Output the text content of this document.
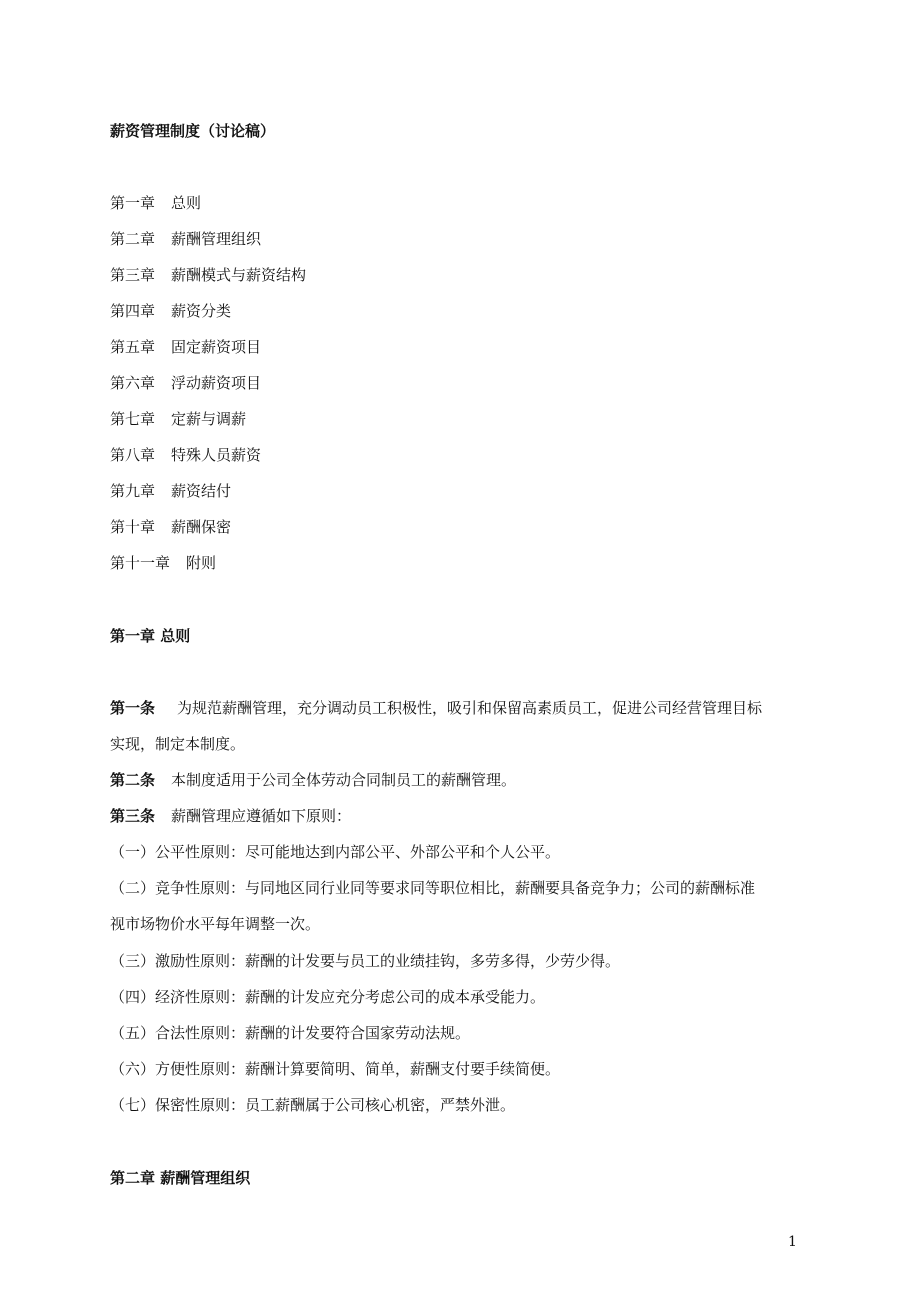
薪资管理制度（讨论稿）
第一章 总则
第二章 薪酬管理组织
第三章 薪酬模式与薪资结构
第四章 薪资分类
第五章 固定薪资项目
第六章 浮动薪资项目
第七章 定薪与调薪
第八章 特殊人员薪资
第九章 薪资结付
第十章 薪酬保密
第十一章 附则
第一章 总则
第一条 为规范薪酬管理，充分调动员工积极性，吸引和保留高素质员工，促进公司经营管理目标
实现，制定本制度。
第二条 本制度适用于公司全体劳动合同制员工的薪酬管理。
第三条 薪酬管理应遵循如下原则：
（一）公平性原则：尽可能地达到内部公平、外部公平和个人公平。
（二）竞争性原则：与同地区同行业同等要求同等职位相比，薪酬要具备竞争力；公司的薪酬标准
视市场物价水平每年调整一次。
（三）激励性原则：薪酬的计发要与员工的业绩挂钩，多劳多得，少劳少得。
（四）经济性原则：薪酬的计发应充分考虑公司的成本承受能力。
（五）合法性原则：薪酬的计发要符合国家劳动法规。
（六）方便性原则：薪酬计算要简明、简单，薪酬支付要手续简便。
（七）保密性原则：员工薪酬属于公司核心机密，严禁外泄。
第二章 薪酬管理组织
1
